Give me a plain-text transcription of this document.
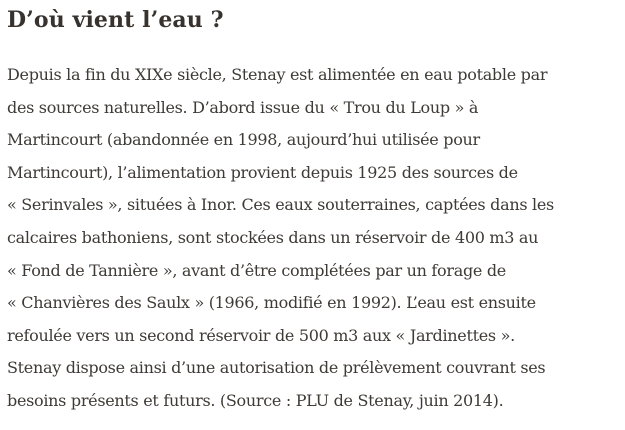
D’où vient l’eau ?
Depuis la fin du XIXe siècle, Stenay est alimentée en eau potable par
des sources naturelles. D’abord issue du « Trou du Loup » à
Martincourt (abandonnée en 1998, aujourd’hui utilisée pour
Martincourt), l’alimentation provient depuis 1925 des sources de
« Serinvales », situées à Inor. Ces eaux souterraines, captées dans les
calcaires bathoniens, sont stockées dans un réservoir de 400 m3 au
« Fond de Tannière », avant d’être complétées par un forage de
« Chanvières des Saulx » (1966, modifié en 1992). L’eau est ensuite
refoulée vers un second réservoir de 500 m3 aux « Jardinettes ».
Stenay dispose ainsi d’une autorisation de prélèvement couvrant ses
besoins présents et futurs. (Source : PLU de Stenay, juin 2014).
